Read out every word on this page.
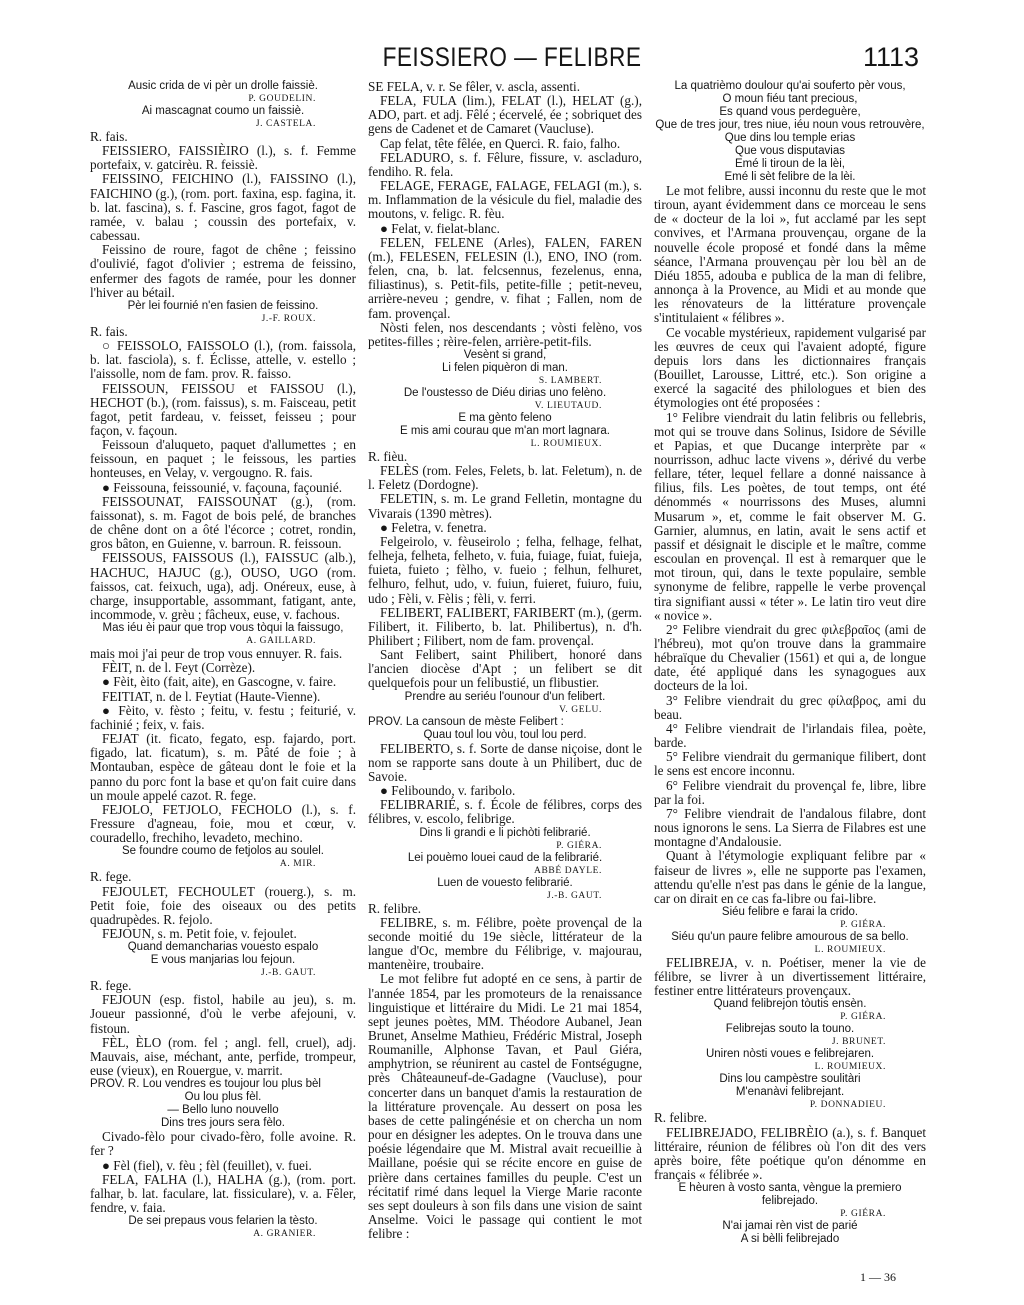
FEISSIERO — FELIBRE	1113

Ausic crida de vi pèr un drolle faissiè.

P. GOUDELIN.

Ai mascagnat coumo un faissiè.

J. CASTELA.

R. fais.

FEISSIERO, FAISSIÈIRO (l.), s. f. Femme portefaix, v. gatcirèu. R. feissiè.

FEISSINO, FEICHINO (l.), FAISSINO (l.), FAICHINO (g.), (rom. port. faxina, esp. fagina, it. b. lat. fascina), s. f. Fascine, gros fagot, fagot de ramée, v. balau ; coussin des portefaix, v. cabessau.

Feissino de roure, fagot de chêne ; feissino d'oulivié, fagot d'olivier ; estrema de feissino, enfermer des fagots de ramée, pour les donner l'hiver au bétail.

Pèr lei fournié n'en fasien de feissino.

J.-F. ROUX.

R. fais.

○ FEISSOLO, FAISSOLO (l.), (rom. faissola, b. lat. fasciola), s. f. Éclisse, attelle, v. estello ; l'aissolle, nom de fam. prov. R. faisso.

FEISSOUN, FEISSOU et FAISSOU (l.), HECHOT (b.), (rom. faissus), s. m. Faisceau, petit fagot, petit fardeau, v. feisset, feisseu ; pour façon, v. façoun.

Feissoun d'aluqueto, paquet d'allumettes ; en feissoun, en paquet ; le feissous, les parties honteuses, en Velay, v. vergougno. R. fais.

● Feissouna, feissounié, v. façouna, façounié.

FEISSOUNAT, FAISSOUNAT (g.), (rom. faissonat), s. m. Fagot de bois pelé, de branches de chêne dont on a ôté l'écorce ; cotret, rondin, gros bâton, en Guienne, v. barroun. R. feissoun.

FEISSOUS, FAISSOUS (l.), FAISSUC (alb.), HACHUC, HAJUC (g.), OUSO, UGO (rom. faissos, cat. feixuch, uga), adj. Onéreux, euse, à charge, insupportable, assommant, fatigant, ante, incommode, v. grèu ; fâcheux, euse, v. fachous.

Mas iéu èi paur que trop vous tòqui la faissugo,

A. GAILLARD.

mais moi j'ai peur de trop vous ennuyer. R. fais.

FÈIT, n. de l. Feyt (Corrèze).

● Fèit, èito (fait, aite), en Gascogne, v. faire.

FEITIAT, n. de l. Feytiat (Haute-Vienne).

● Fèito, v. fèsto ; feitu, v. festu ; feiturié, v. fachinié ; feix, v. fais.

FEJAT (it. ficato, fegato, esp. fajardo, port. figado, lat. ficatum), s. m. Pâté de foie ; à Montauban, espèce de gâteau dont le foie et la panno du porc font la base et qu'on fait cuire dans un moule appelé cazot. R. fege.

FEJOLO, FETJOLO, FECHOLO (l.), s. f. Fressure d'agneau, foie, mou et cœur, v. couradello, frechiho, levadeto, mechino.

Se foundre coumo de fetjolos au soulel.

A. MIR.

R. fege.

FEJOULET, FECHOULET (rouerg.), s. m. Petit foie, foie des oiseaux ou des petits quadrupèdes. R. fejolo.

FEJOUN, s. m. Petit foie, v. fejoulet.

Quand demancharias vouesto espalo

E vous manjarias lou fejoun.

J.-B. GAUT.

R. fege.

FEJOUN (esp. fistol, habile au jeu), s. m. Joueur passionné, d'où le verbe afejouni, v. fistoun.

FÈL, ÈLO (rom. fel ; angl. fell, cruel), adj. Mauvais, aise, méchant, ante, perfide, trompeur, euse (vieux), en Rouergue, v. marrit.

PROV. R. Lou vendres es toujour lou plus bèl

Ou lou plus fèl.

— Bello luno nouvello

Dins tres jours sera fèlo.

Civado-fèlo pour civado-fèro, folle avoine. R. fer ?

● Fèl (fiel), v. fèu ; fèl (feuillet), v. fuei.

FELA, FALHA (l.), HALHA (g.), (rom. port. falhar, b. lat. faculare, lat. fissiculare), v. a. Fêler, fendre, v. faia.

De sei prepaus vous felarien la tèsto.

A. GRANIER.

SE FELA, v. r. Se fêler, v. ascla, assenti.

FELA, FULA (lim.), FELAT (l.), HELAT (g.), ADO, part. et adj. Fêlé ; écervelé, ée ; sobriquet des gens de Cadenet et de Camaret (Vaucluse).

Cap felat, tête fêlée, en Querci. R. faio, falho.

FELADURO, s. f. Fêlure, fissure, v. ascladuro, fendiho. R. fela.

FELAGE, FERAGE, FALAGE, FELAGI (m.), s. m. Inflammation de la vésicule du fiel, maladie des moutons, v. feligc. R. fèu.

● Felat, v. fielat-blanc.

FELEN, FELENE (Arles), FALEN, FAREN (m.), FELESEN, FELESIN (l.), ENO, INO (rom. felen, cna, b. lat. felcsennus, fezelenus, enna, filiastinus), s. Petit-fils, petite-fille ; petit-neveu, arrière-neveu ; gendre, v. fihat ; Fallen, nom de fam. provençal.

Nòsti felen, nos descendants ; vòsti felèno, vos petites-filles ; rèire-felen, arrière-petit-fils.

Vesènt si grand,

Li felen piquèron di man.

S. LAMBERT.

De l'oustesso de Diéu dirias uno felèno.

V. LIEUTAUD.

E ma gènto feleno

E mis ami courau que m'an mort lagnara.

L. ROUMIEUX.

R. fièu.

FELÈS (rom. Feles, Felets, b. lat. Feletum), n. de l. Feletz (Dordogne).

FELETIN, s. m. Le grand Felletin, montagne du Vivarais (1390 mètres).

● Feletra, v. fenetra.

Felgeirolo, v. fèuseirolo ; felha, felhage, felhat, felheja, felheta, felheto, v. fuia, fuiage, fuiat, fuieja, fuieta, fuieto ; fèlho, v. fueio ; felhun, felhuret, felhuro, felhut, udo, v. fuiun, fuieret, fuiuro, fuiu, udo ; Fèli, v. Fèlis ; fèli, v. ferri.

FELIBERT, FALIBERT, FARIBERT (m.), (germ. Filibert, it. Filiberto, b. lat. Philibertus), n. d'h. Philibert ; Filibert, nom de fam. provençal.

Sant Felibert, saint Philibert, honoré dans l'ancien diocèse d'Apt ; un felibert se dit quelquefois pour un felibustié, un flibustier.

Prendre au seriéu l'ounour d'un felibert.

V. GELU.

PROV. La cansoun de mèste Felibert :

Quau toul lou vòu, toul lou perd.

FELIBERTO, s. f. Sorte de danse niçoise, dont le nom se rapporte sans doute à un Philibert, duc de Savoie.

● Feliboundo, v. faribolo.

FELIBRARIÉ, s. f. École de félibres, corps des félibres, v. escolo, felibrige.

Dins li grandi e li pichòti felibrarié.

P. GIÉRA.

Lei pouèmo louei caud de la felibrarié.

ABBÉ DAYLE.

Luen de vouesto felibrarié.

J.-B. GAUT.

R. felibre.

FELIBRE, s. m. Félibre, poète provençal de la seconde moitié du 19e siècle, littérateur de la langue d'Oc, membre du Félibrige, v. majourau, mantenèire, troubaire.

Le mot felibre fut adopté en ce sens, à partir de l'année 1854, par les promoteurs de la renaissance linguistique et littéraire du Midi. Le 21 mai 1854, sept jeunes poètes, MM. Théodore Aubanel, Jean Brunet, Anselme Mathieu, Frédéric Mistral, Joseph Roumanille, Alphonse Tavan, et Paul Giéra, amphytrion, se réunirent au castel de Fontségugne, près Châteauneuf-de-Gadagne (Vaucluse), pour concerter dans un banquet d'amis la restauration de la littérature provençale. Au dessert on posa les bases de cette palingénésie et on chercha un nom pour en désigner les adeptes. On le trouva dans une poésie légendaire que M. Mistral avait recueillie à Maillane, poésie qui se récite encore en guise de prière dans certaines familles du peuple. C'est un récitatif rimé dans lequel la Vierge Marie raconte ses sept douleurs à son fils dans une vision de saint Anselme. Voici le passage qui contient le mot felibre :

La quatrièmo doulour qu'ai souferto pèr vous,

O moun fiéu tant precious,

Es quand vous perdeguère,

Que de tres jour, tres niue, iéu noun vous retrouvère,

Que dins lou temple erias

Que vous disputavias

Emé li tiroun de la lèi,

Emé li sèt felibre de la lèi.

Le mot felibre, aussi inconnu du reste que le mot tiroun, ayant évidemment dans ce morceau le sens de « docteur de la loi », fut acclamé par les sept convives, et l'Armana prouvençau, organe de la nouvelle école proposé et fondé dans la même séance, l'Armana prouvençau pèr lou bèl an de Diéu 1855, adouba e publica de la man di felibre, annonça à la Provence, au Midi et au monde que les rénovateurs de la littérature provençale s'intitulaient « félibres ».

Ce vocable mystérieux, rapidement vulgarisé par les œuvres de ceux qui l'avaient adopté, figure depuis lors dans les dictionnaires français (Bouillet, Larousse, Littré, etc.). Son origine a exercé la sagacité des philologues et bien des étymologies ont été proposées :

1° Felibre viendrait du latin felibris ou fellebris, mot qui se trouve dans Solinus, Isidore de Séville et Papias, et que Ducange interprète par « nourrisson, adhuc lacte vivens », dérivé du verbe fellare, téter, lequel fellare a donné naissance à filius, fils. Les poètes, de tout temps, ont été dénommés « nourrissons des Muses, alumni Musarum », et, comme le fait observer M. G. Garnier, alumnus, en latin, avait le sens actif et passif et désignait le disciple et le maître, comme escoulan en provençal. Il est à remarquer que le mot tiroun, qui, dans le texte populaire, semble synonyme de felibre, rappelle le verbe provençal tira signifiant aussi « téter ». Le latin tiro veut dire « novice ».

2° Felibre viendrait du grec φιλεβραῖος (ami de l'hébreu), mot qu'on trouve dans la grammaire hébraïque du Chevalier (1561) et qui a, de longue date, été appliqué dans les synagogues aux docteurs de la loi.

3° Felibre viendrait du grec φίλαβρος, ami du beau.

4° Felibre viendrait de l'irlandais filea, poète, barde.

5° Felibre viendrait du germanique filibert, dont le sens est encore inconnu.

6° Felibre viendrait du provençal fe, libre, libre par la foi.

7° Felibre viendrait de l'andalous filabre, dont nous ignorons le sens. La Sierra de Filabres est une montagne d'Andalousie.

Quant à l'étymologie expliquant felibre par « faiseur de livres », elle ne supporte pas l'examen, attendu qu'elle n'est pas dans le génie de la langue, car on dirait en ce cas fa-libre ou fai-libre.

Siéu felibre e farai la crido.

P. GIÉRA.

Siéu qu'un paure felibre amourous de sa bello.

L. ROUMIEUX.

FELIBREJA, v. n. Poétiser, mener la vie de félibre, se livrer à un divertissement littéraire, festiner entre littérateurs provençaux.

Quand felibrejon tòutis ensèn.

P. GIÉRA.

Felibrejas souto la touno.

J. BRUNET.

Uniren nòsti voues e felibrejaren.

L. ROUMIEUX.

Dins lou campèstre soulitàri

M'enanàvi felibrejant.

P. DONNADIEU.

R. felibre.

FELIBREJADO, FELIBRÈIO (a.), s. f. Banquet littéraire, réunion de félibres où l'on dit des vers après boire, fête poétique qu'on dénomme en français « félibrée ».

E hèuren à vosto santa, vèngue la premiero felibrejado.

P. GIÉRA.

N'ai jamai rèn vist de parié

A si bèlli felibrejado

1 — 36
